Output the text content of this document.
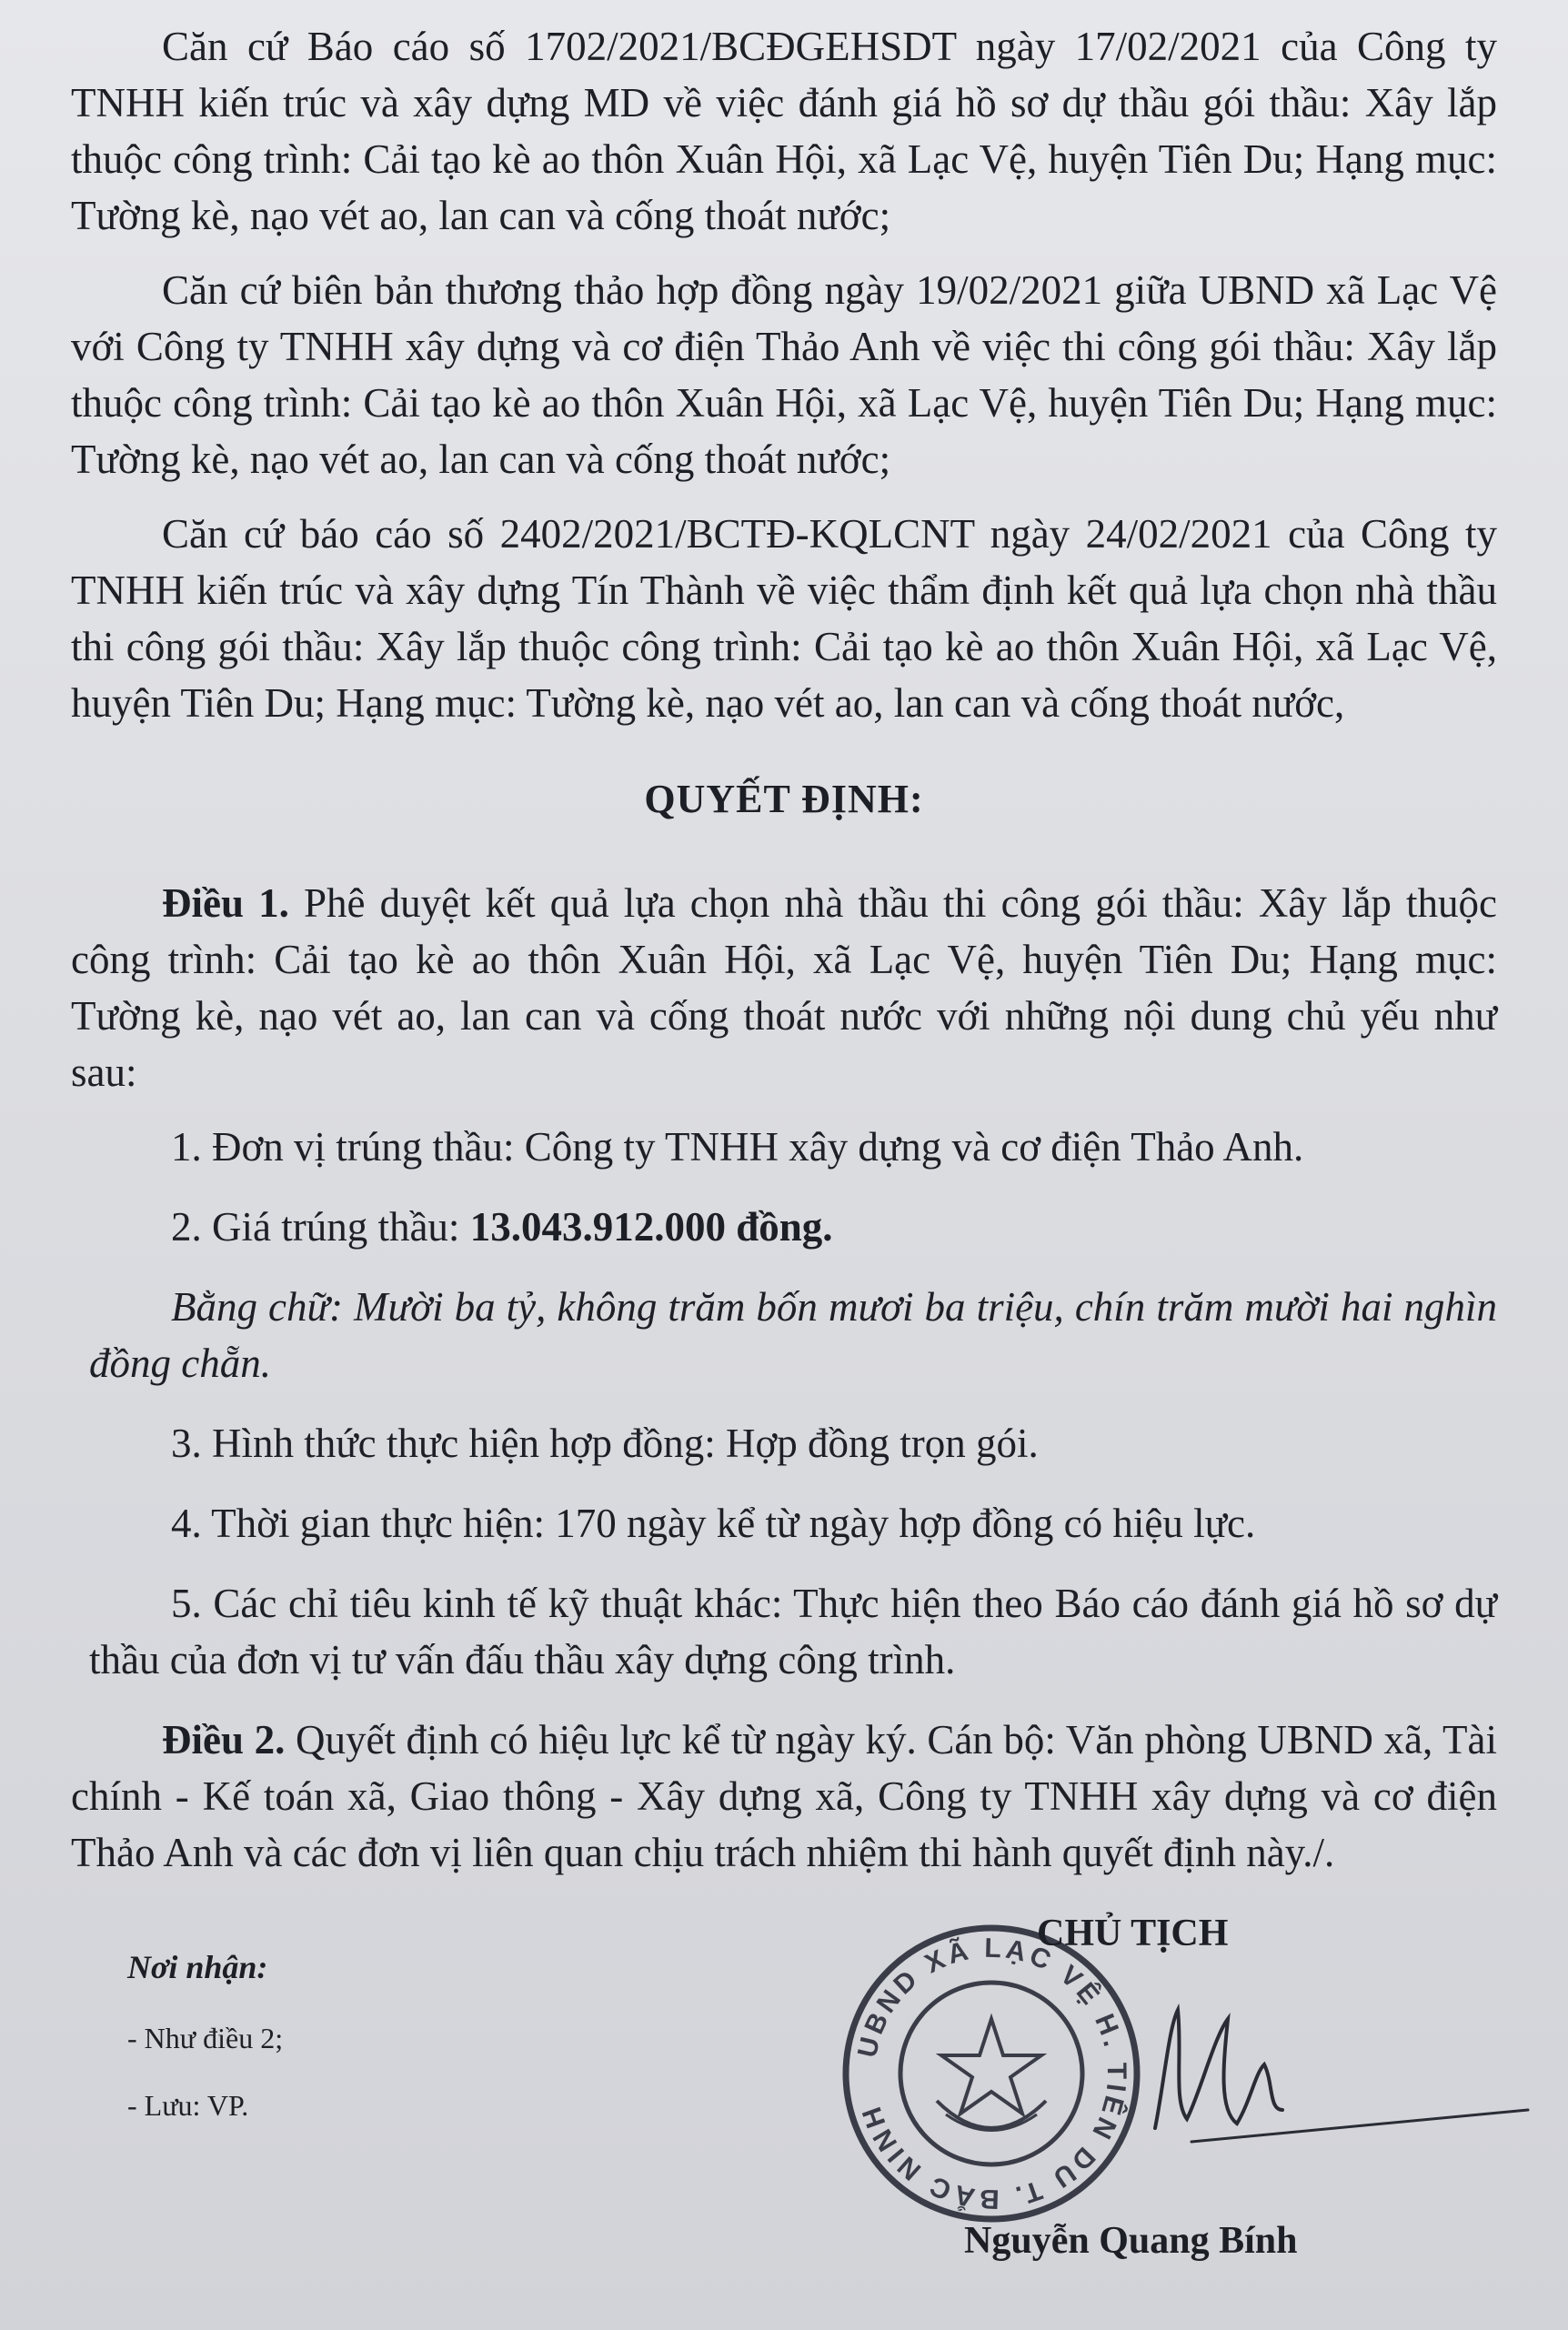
Căn cứ Báo cáo số 1702/2021/BCĐGEHSDT ngày 17/02/2021 của Công ty TNHH kiến trúc và xây dựng MD về việc đánh giá hồ sơ dự thầu gói thầu: Xây lắp thuộc công trình: Cải tạo kè ao thôn Xuân Hội, xã Lạc Vệ, huyện Tiên Du; Hạng mục: Tường kè, nạo vét ao, lan can và cống thoát nước;

Căn cứ biên bản thương thảo hợp đồng ngày 19/02/2021 giữa UBND xã Lạc Vệ với Công ty TNHH xây dựng và cơ điện Thảo Anh về việc thi công gói thầu: Xây lắp thuộc công trình: Cải tạo kè ao thôn Xuân Hội, xã Lạc Vệ, huyện Tiên Du; Hạng mục: Tường kè, nạo vét ao, lan can và cống thoát nước;

Căn cứ báo cáo số 2402/2021/BCTĐ-KQLCNT ngày 24/02/2021 của Công ty TNHH kiến trúc và xây dựng Tín Thành về việc thẩm định kết quả lựa chọn nhà thầu thi công gói thầu: Xây lắp thuộc công trình: Cải tạo kè ao thôn Xuân Hội, xã Lạc Vệ, huyện Tiên Du; Hạng mục: Tường kè, nạo vét ao, lan can và cống thoát nước,

QUYẾT ĐỊNH:

Điều 1. Phê duyệt kết quả lựa chọn nhà thầu thi công gói thầu: Xây lắp thuộc công trình: Cải tạo kè ao thôn Xuân Hội, xã Lạc Vệ, huyện Tiên Du; Hạng mục: Tường kè, nạo vét ao, lan can và cống thoát nước với những nội dung chủ yếu như sau:

1. Đơn vị trúng thầu: Công ty TNHH xây dựng và cơ điện Thảo Anh.

2. Giá trúng thầu: 13.043.912.000 đồng.

Bằng chữ: Mười ba tỷ, không trăm bốn mươi ba triệu, chín trăm mười hai nghìn đồng chẵn.

3. Hình thức thực hiện hợp đồng: Hợp đồng trọn gói.

4. Thời gian thực hiện: 170 ngày kể từ ngày hợp đồng có hiệu lực.

5. Các chỉ tiêu kinh tế kỹ thuật khác: Thực hiện theo Báo cáo đánh giá hồ sơ dự thầu của đơn vị tư vấn đấu thầu xây dựng công trình.

Điều 2. Quyết định có hiệu lực kể từ ngày ký. Cán bộ: Văn phòng UBND xã, Tài chính - Kế toán xã, Giao thông - Xây dựng xã, Công ty TNHH xây dựng và cơ điện Thảo Anh và các đơn vị liên quan chịu trách nhiệm thi hành quyết định này./.

Nơi nhận:
- Như điều 2;
- Lưu: VP.
UBND XÃ LẠC VỆ H. TIÊN DU T. BẮC NINH
CHỦ TỊCH
Nguyễn Quang Bính
